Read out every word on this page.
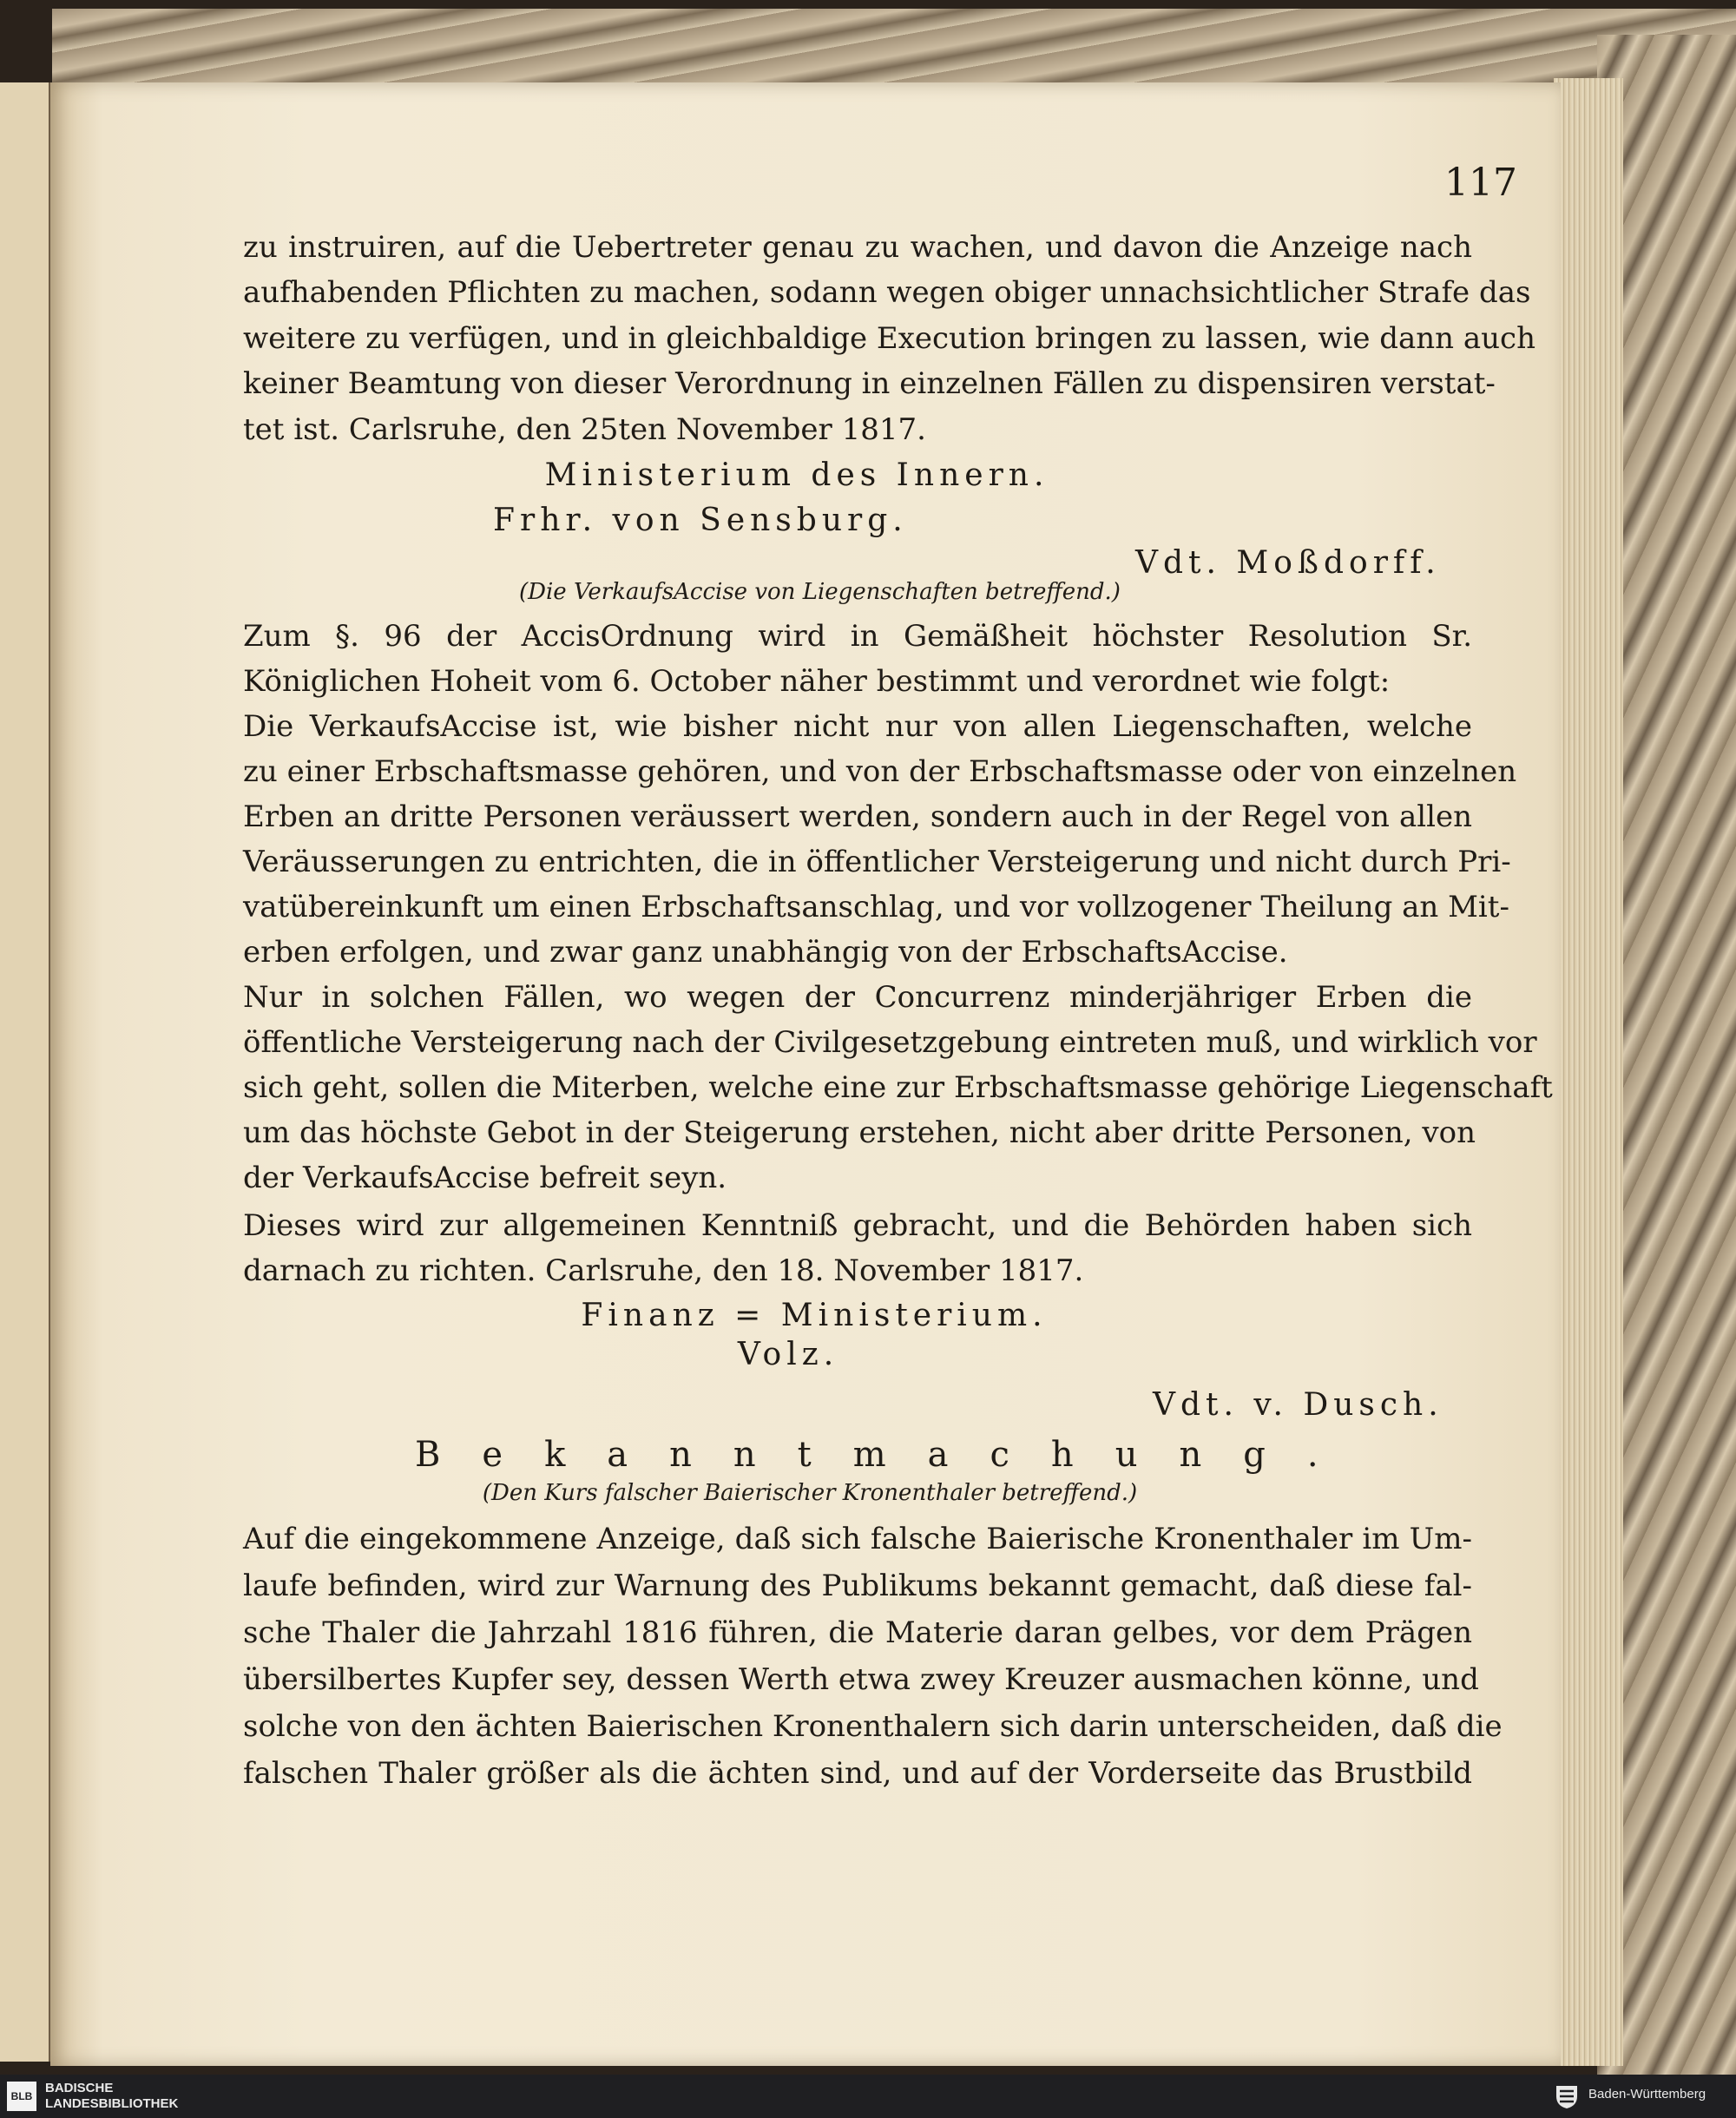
117
zu instruiren, auf die Uebertreter genau zu wachen, und davon die Anzeige nach
aufhabenden Pflichten zu machen, sodann wegen obiger unnachsichtlicher Strafe das
weitere zu verfügen, und in gleichbaldige Execution bringen zu lassen, wie dann auch
keiner Beamtung von dieser Verordnung in einzelnen Fällen zu dispensiren verstat-
tet ist. Carlsruhe, den 25ten November 1817.
Ministerium des Innern.
Frhr. von Sensburg.
Vdt. Moßdorff.
(Die VerkaufsAccise von Liegenschaften betreffend.)
Zum §. 96 der AccisOrdnung wird in Gemäßheit höchster Resolution Sr.
Königlichen Hoheit vom 6. October näher bestimmt und verordnet wie folgt:
Die VerkaufsAccise ist, wie bisher nicht nur von allen Liegenschaften, welche
zu einer Erbschaftsmasse gehören, und von der Erbschaftsmasse oder von einzelnen
Erben an dritte Personen veräussert werden, sondern auch in der Regel von allen
Veräusserungen zu entrichten, die in öffentlicher Versteigerung und nicht durch Pri-
vatübereinkunft um einen Erbschaftsanschlag, und vor vollzogener Theilung an Mit-
erben erfolgen, und zwar ganz unabhängig von der ErbschaftsAccise.
Nur in solchen Fällen, wo wegen der Concurrenz minderjähriger Erben die
öffentliche Versteigerung nach der Civilgesetzgebung eintreten muß, und wirklich vor
sich geht, sollen die Miterben, welche eine zur Erbschaftsmasse gehörige Liegenschaft
um das höchste Gebot in der Steigerung erstehen, nicht aber dritte Personen, von
der VerkaufsAccise befreit seyn.
Dieses wird zur allgemeinen Kenntniß gebracht, und die Behörden haben sich
darnach zu richten. Carlsruhe, den 18. November 1817.
Finanz = Ministerium.
Volz.
Vdt. v. Dusch.
Bekanntmachung.
(Den Kurs falscher Baierischer Kronenthaler betreffend.)
Auf die eingekommene Anzeige, daß sich falsche Baierische Kronenthaler im Um-
laufe befinden, wird zur Warnung des Publikums bekannt gemacht, daß diese fal-
sche Thaler die Jahrzahl 1816 führen, die Materie daran gelbes, vor dem Prägen
übersilbertes Kupfer sey, dessen Werth etwa zwey Kreuzer ausmachen könne, und
solche von den ächten Baierischen Kronenthalern sich darin unterscheiden, daß die
falschen Thaler größer als die ächten sind, und auf der Vorderseite das Brustbild
BLB
BADISCHE
LANDESBIBLIOTHEK
Baden-Württemberg
